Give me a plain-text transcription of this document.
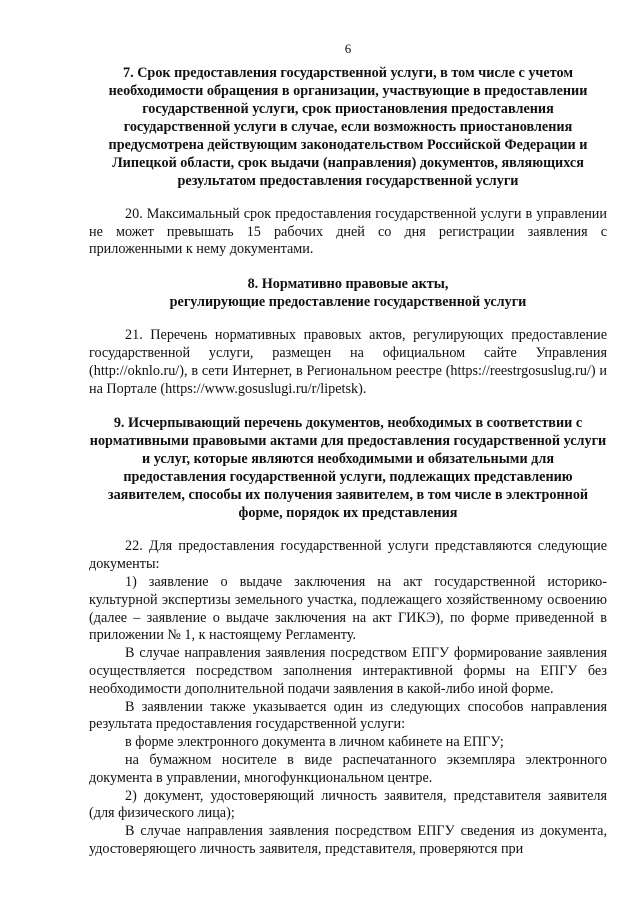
6
7. Срок предоставления государственной услуги, в том числе с учетом необходимости обращения в организации, участвующие в предоставлении государственной услуги, срок приостановления предоставления государственной услуги в случае, если возможность приостановления предусмотрена действующим законодательством Российской Федерации и Липецкой области, срок выдачи (направления) документов, являющихся результатом предоставления государственной услуги

20. Максимальный срок предоставления государственной услуги в управлении не может превышать 15 рабочих дней со дня регистрации заявления с приложенными к нему документами.

8. Нормативно правовые акты,
регулирующие предоставление государственной услуги

21. Перечень нормативных правовых актов, регулирующих предоставление государственной услуги, размещен на официальном сайте Управления (http://oknlo.ru/), в сети Интернет, в Региональном реестре (https://reestrgosuslug.ru/) и на Портале (https://www.gosuslugi.ru/r/lipetsk).

9. Исчерпывающий перечень документов, необходимых в соответствии с нормативными правовыми актами для предоставления государственной услуги и услуг, которые являются необходимыми и обязательными для предоставления государственной услуги, подлежащих представлению заявителем, способы их получения заявителем, в том числе в электронной форме, порядок их представления

22. Для предоставления государственной услуги представляются следующие документы:

1) заявление о выдаче заключения на акт государственной историко-культурной экспертизы земельного участка, подлежащего хозяйственному освоению (далее – заявление о выдаче заключения на акт ГИКЭ), по форме приведенной в приложении № 1, к настоящему Регламенту.

В случае направления заявления посредством ЕПГУ формирование заявления осуществляется посредством заполнения интерактивной формы на ЕПГУ без необходимости дополнительной подачи заявления в какой-либо иной форме.

В заявлении также указывается один из следующих способов направления результата предоставления государственной услуги:

в форме электронного документа в личном кабинете на ЕПГУ;

на бумажном носителе в виде распечатанного экземпляра электронного документа в управлении, многофункциональном центре.

2) документ, удостоверяющий личность заявителя, представителя заявителя (для физического лица);

В случае направления заявления посредством ЕПГУ сведения из документа, удостоверяющего личность заявителя, представителя, проверяются при
